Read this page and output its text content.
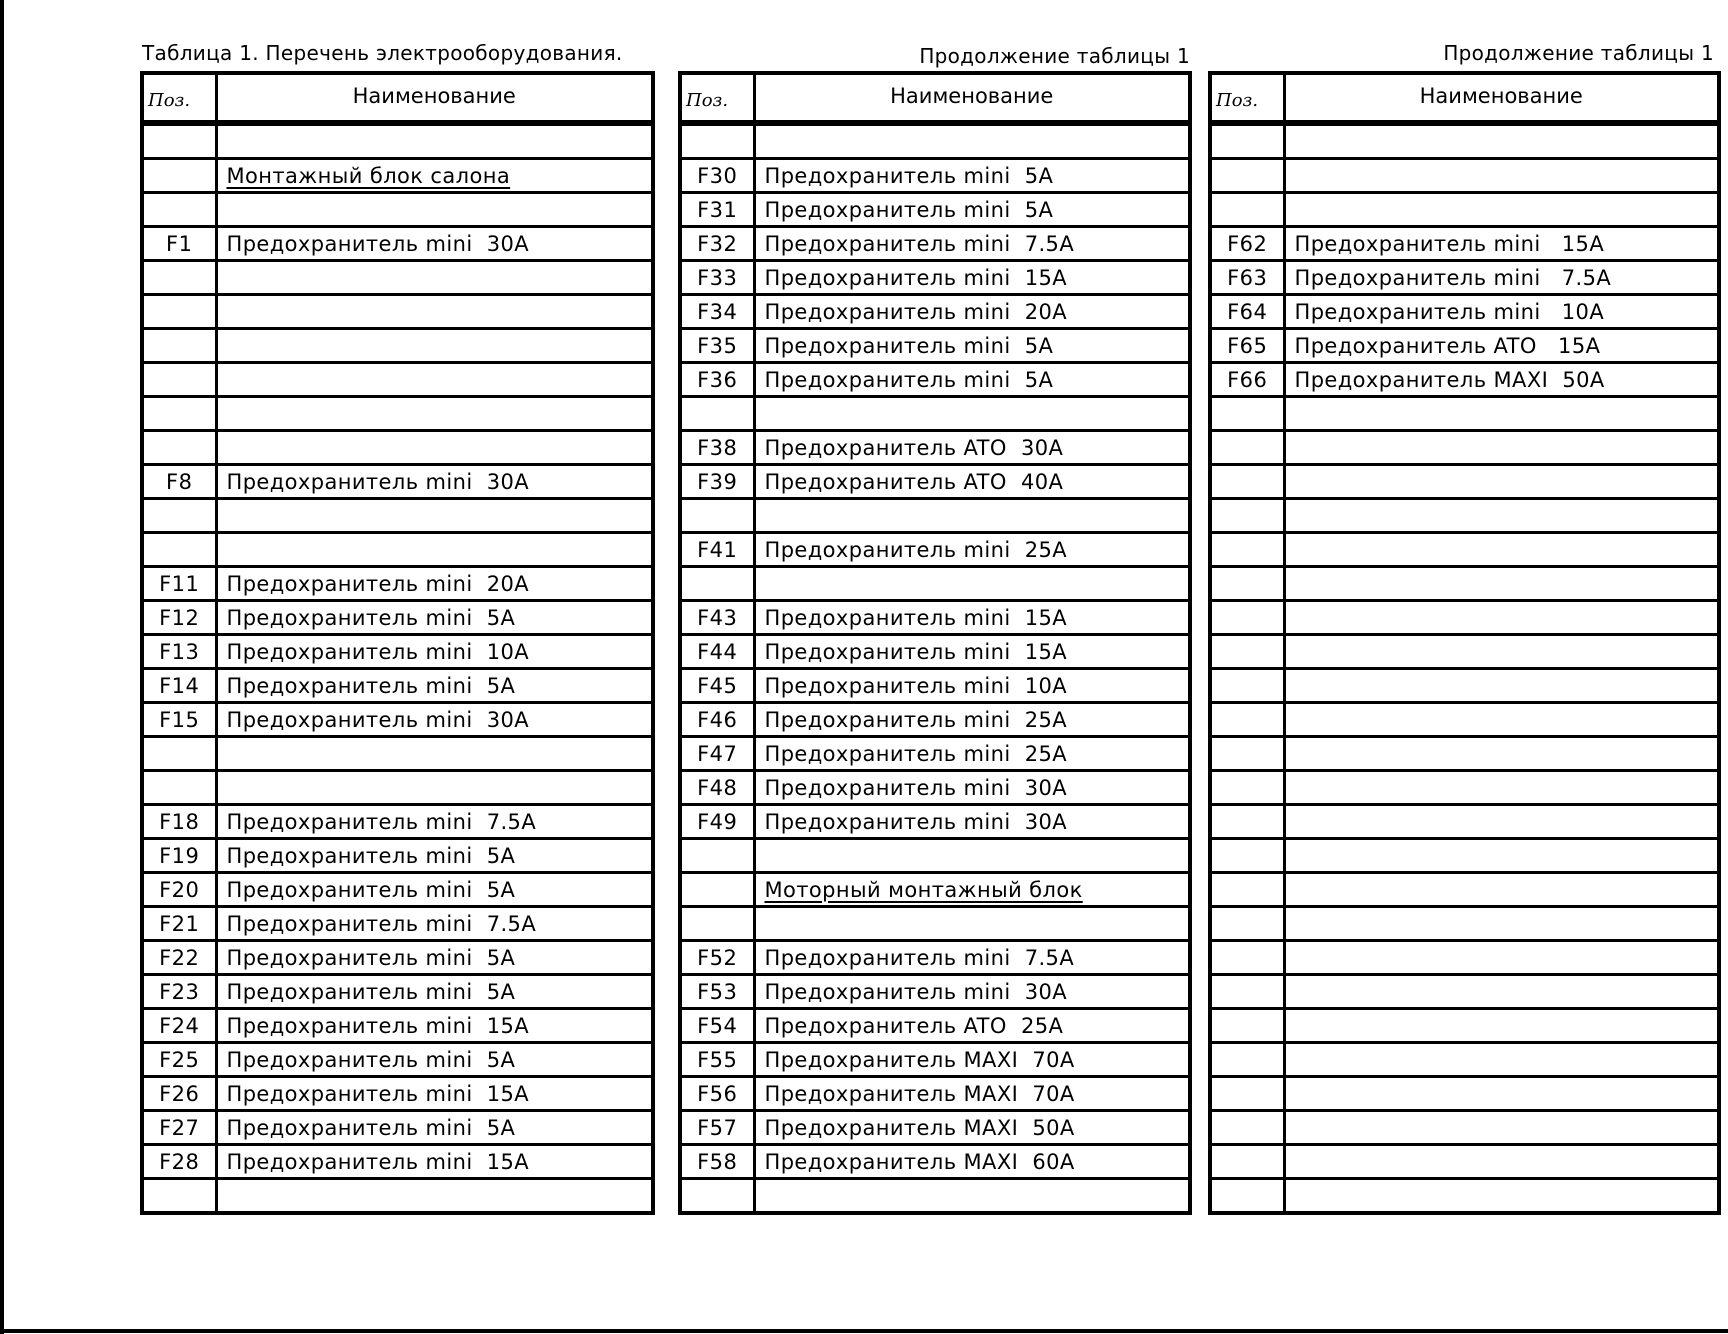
Таблица 1. Перечень электрооборудования.	Продолжение таблицы 1	Продолжение таблицы 1
Поз.	Наименование

	Монтажный блок салона

F1	Предохранитель mini  30A

F8	Предохранитель mini  30A

F11	Предохранитель mini  20A
F12	Предохранитель mini  5A
F13	Предохранитель mini  10A
F14	Предохранитель mini  5A
F15	Предохранитель mini  30A

F18	Предохранитель mini  7.5A
F19	Предохранитель mini  5A
F20	Предохранитель mini  5A
F21	Предохранитель mini  7.5A
F22	Предохранитель mini  5A
F23	Предохранитель mini  5A
F24	Предохранитель mini  15A
F25	Предохранитель mini  5A
F26	Предохранитель mini  15A
F27	Предохранитель mini  5A
F28	Предохранитель mini  15A

Поз.	Наименование

F30	Предохранитель mini  5A
F31	Предохранитель mini  5A
F32	Предохранитель mini  7.5A
F33	Предохранитель mini  15A
F34	Предохранитель mini  20A
F35	Предохранитель mini  5A
F36	Предохранитель mini  5A

F38	Предохранитель ATO  30A
F39	Предохранитель ATO  40A

F41	Предохранитель mini  25A

F43	Предохранитель mini  15A
F44	Предохранитель mini  15A
F45	Предохранитель mini  10A
F46	Предохранитель mini  25A
F47	Предохранитель mini  25A
F48	Предохранитель mini  30A
F49	Предохранитель mini  30A

	Моторный монтажный блок

F52	Предохранитель mini  7.5A
F53	Предохранитель mini  30A
F54	Предохранитель ATO  25A
F55	Предохранитель MAXI  70A
F56	Предохранитель MAXI  70A
F57	Предохранитель MAXI  50A
F58	Предохранитель MAXI  60A

Поз.	Наименование

F62	Предохранитель mini   15A
F63	Предохранитель mini   7.5A
F64	Предохранитель mini   10A
F65	Предохранитель ATO   15A
F66	Предохранитель MAXI  50A
